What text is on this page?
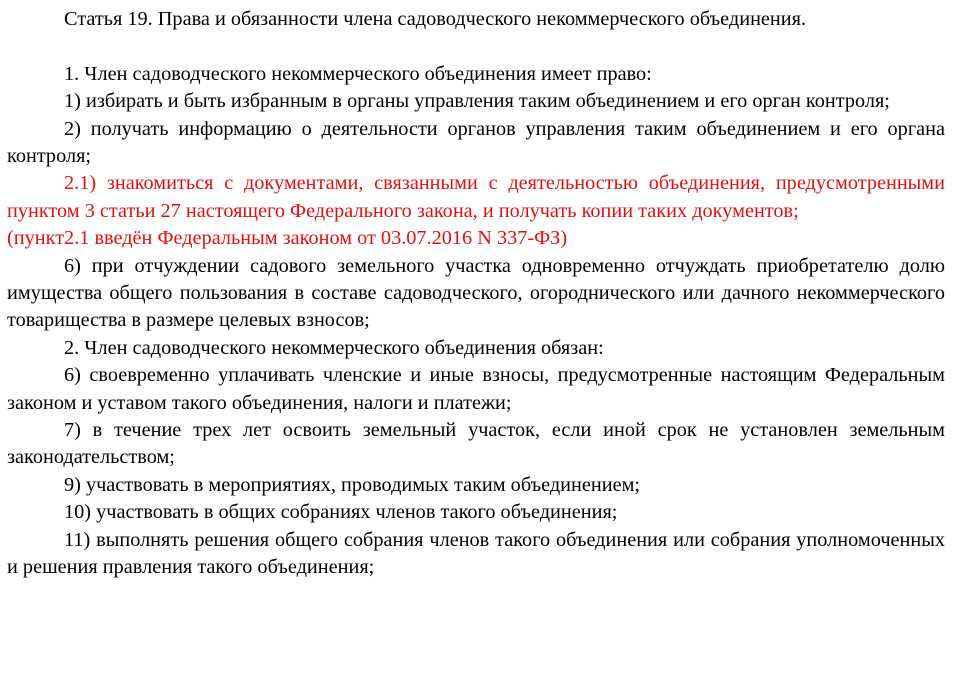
Статья 19. Права и обязанности члена садоводческого некоммерческого объединения.

1. Член садоводческого некоммерческого объединения имеет право:

1) избирать и быть избранным в органы управления таким объединением и его орган контроля;

2) получать информацию о деятельности органов управления таким объединением и его органа контроля;

2.1) знакомиться с документами, связанными с деятельностью объединения, предусмотренными пунктом 3 статьи 27 настоящего Федерального закона, и получать копии таких документов;

(пункт2.1 введён Федеральным законом от 03.07.2016 N 337-ФЗ)

6) при отчуждении садового земельного участка одновременно отчуждать приобретателю долю имущества общего пользования в составе садоводческого, огороднического или дачного некоммерческого товарищества в размере целевых взносов;

2. Член садоводческого некоммерческого объединения обязан:

6) своевременно уплачивать членские и иные взносы, предусмотренные настоящим Федеральным законом и уставом такого объединения, налоги и платежи;

7) в течение трех лет освоить земельный участок, если иной срок не установлен земельным законодательством;

9) участвовать в мероприятиях, проводимых таким объединением;

10) участвовать в общих собраниях членов такого объединения;

11) выполнять решения общего собрания членов такого объединения или собрания уполномоченных и решения правления такого объединения;
